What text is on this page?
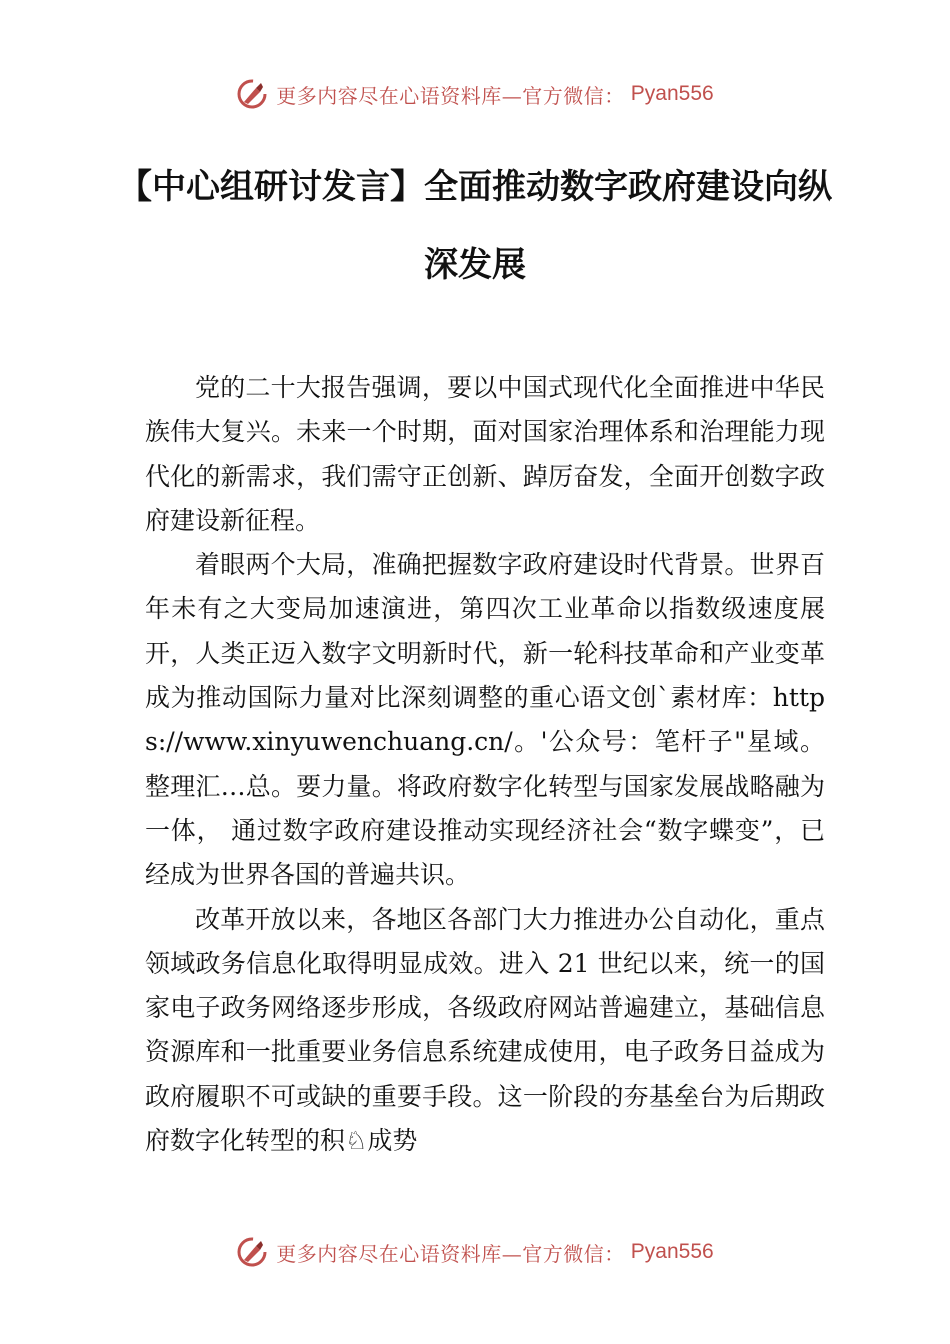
更多内容尽在心语资料库—官方微信： Pyan556
【中心组研讨发言】全面推动数字政府建设向纵深发展

党的二十大报告强调，要以中国式现代化全面推进中华民族伟大复兴。未来一个时期，面对国家治理体系和治理能力现代化的新需求，我们需守正创新、踔厉奋发，全面开创数字政府建设新征程。

着眼两个大局，准确把握数字政府建设时代背景。世界百年未有之大变局加速演进，第四次工业革命以指数级速度展开，人类正迈入数字文明新时代，新一轮科技革命和产业变革成为推动国际力量对比深刻调整的重心语文创`素材库：https://www.xinyuwenchuang.cn/。'公众号：笔杆子"星域。整理汇…总。要力量。将政府数字化转型与国家发展战略融为一体， 通过数字政府建设推动实现经济社会“数字蝶变”，已经成为世界各国的普遍共识。

改革开放以来，各地区各部门大力推进办公自动化，重点领域政务信息化取得明显成效。进入 21 世纪以来，统一的国家电子政务网络逐步形成，各级政府网站普遍建立，基础信息资源库和一批重要业务信息系统建成使用，电子政务日益成为政府履职不可或缺的重要手段。这一阶段的夯基垒台为后期政府数字化转型的积♘成势

更多内容尽在心语资料库—官方微信： Pyan556
